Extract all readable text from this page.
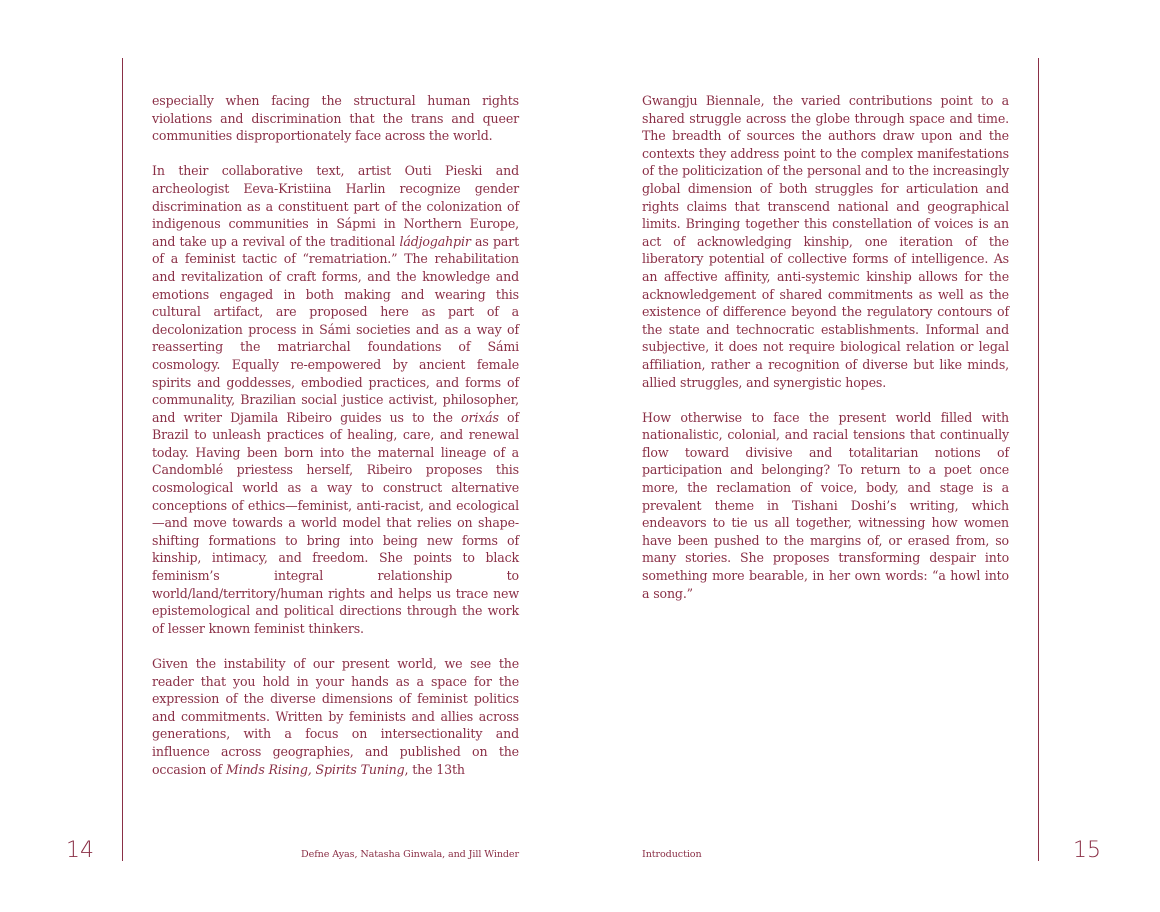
especially when facing the structural human rights violations and discrimination that the trans and queer communities disproportionately face across the world.

In their collaborative text, artist Outi Pieski and archeologist Eeva-Kristiina Harlin recognize gender discrimination as a constituent part of the colonization of indigenous communities in Sápmi in Northern Europe, and take up a revival of the traditional ládjogahpir as part of a feminist tactic of “rematriation.” The rehabilitation and revitalization of craft forms, and the knowledge and emotions engaged in both making and wearing this cultural artifact, are proposed here as part of a decolonization process in Sámi societies and as a way of reasserting the matriarchal foundations of Sámi cosmology. Equally re-empowered by ancient female spirits and goddesses, embodied practices, and forms of communality, Brazilian social justice activist, philosopher, and writer Djamila Ribeiro guides us to the orixás of Brazil to unleash practices of healing, care, and renewal today. Having been born into the maternal lineage of a Candomblé priestess herself, Ribeiro proposes this cosmological world as a way to construct alternative conceptions of ethics—feminist, anti-racist, and ecological—and move towards a world model that relies on shape-shifting formations to bring into being new forms of kinship, intimacy, and freedom. She points to black feminism’s integral relationship to world/land/territory/human rights and helps us trace new epistemological and political directions through the work of lesser known feminist thinkers.

Given the instability of our present world, we see the reader that you hold in your hands as a space for the expression of the diverse dimensions of feminist politics and commitments. Written by feminists and allies across generations, with a focus on intersectionality and influence across geographies, and published on the occasion of Minds Rising, Spirits Tuning, the 13th

14	Defne Ayas, Natasha Ginwala, and Jill Winder

Gwangju Biennale, the varied contributions point to a shared struggle across the globe through space and time. The breadth of sources the authors draw upon and the contexts they address point to the complex manifestations of the politicization of the personal and to the increasingly global dimension of both struggles for articulation and rights claims that transcend national and geographical limits. Bringing together this constellation of voices is an act of acknowledging kinship, one iteration of the liberatory potential of collective forms of intelligence. As an affective affinity, anti-systemic kinship allows for the acknowledgement of shared commitments as well as the existence of difference beyond the regulatory contours of the state and technocratic establishments. Informal and subjective, it does not require biological relation or legal affiliation, rather a recognition of diverse but like minds, allied struggles, and synergistic hopes.

How otherwise to face the present world filled with nationalistic, colonial, and racial tensions that continually flow toward divisive and totalitarian notions of participation and belonging? To return to a poet once more, the reclamation of voice, body, and stage is a prevalent theme in Tishani Doshi’s writing, which endeavors to tie us all together, witnessing how women have been pushed to the margins of, or erased from, so many stories. She proposes transforming despair into something more bearable, in her own words: “a howl into a song.”

15
Introduction
